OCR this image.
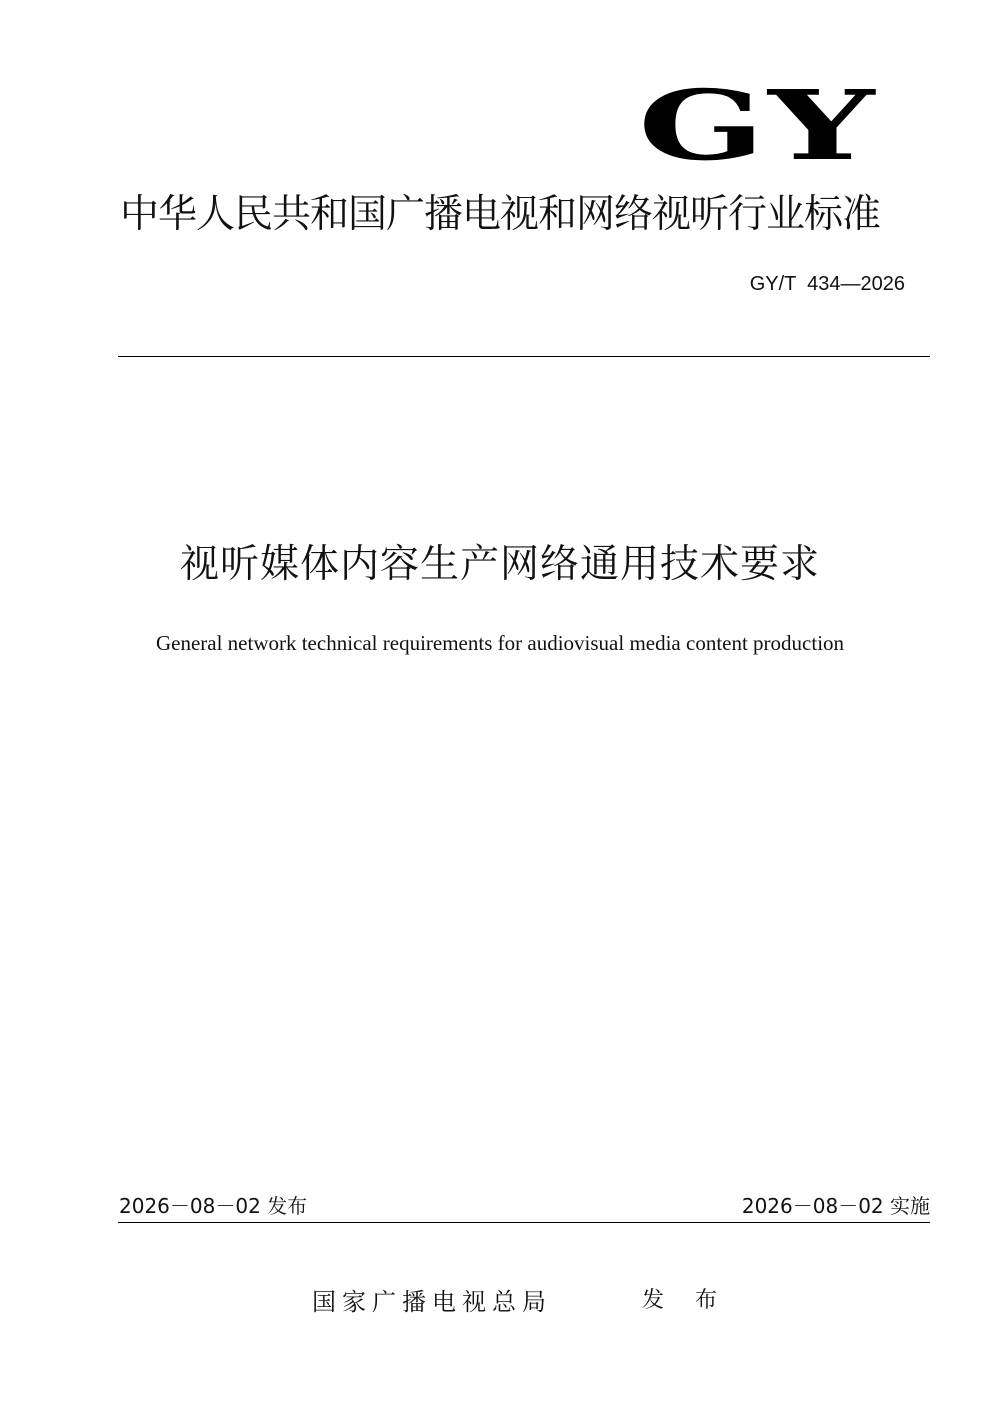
GY
中华人民共和国广播电视和网络视听行业标准
GY/T  434—2026
视听媒体内容生产网络通用技术要求
General network technical requirements for audiovisual media content production
2026－08－02 发布	2026－08－02 实施
国家广播电视总局	发 布
